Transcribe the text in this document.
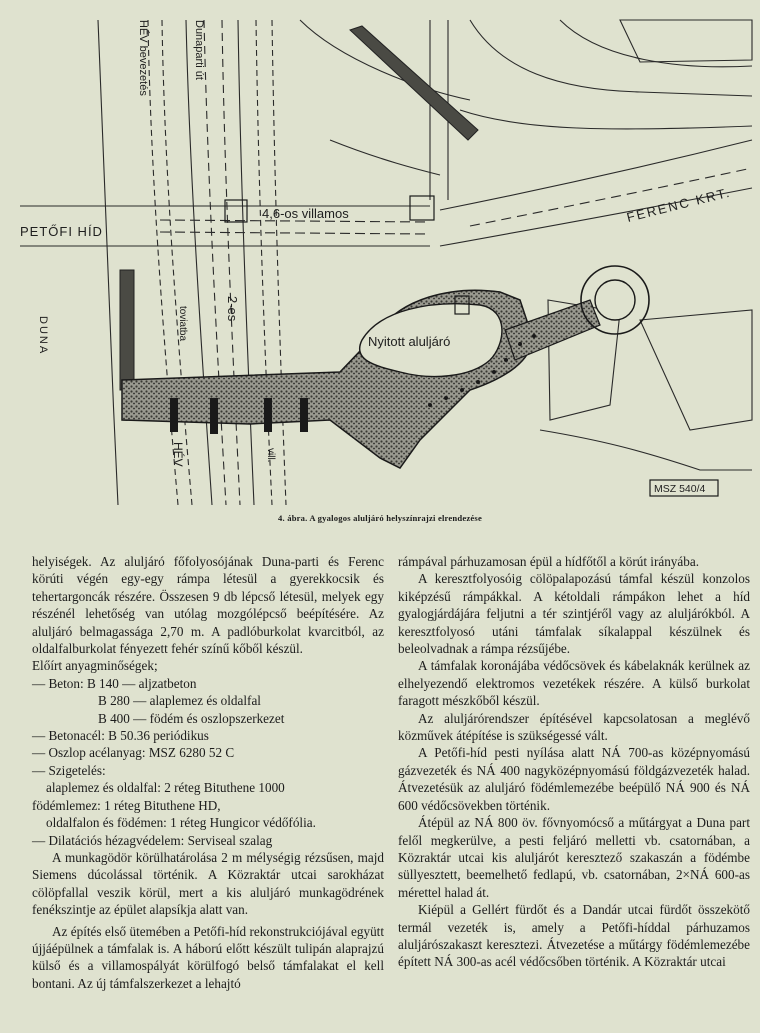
HÉV bevezetés	Dunaparti út
4,6-os villamos	FERENC KRT.
PETŐFI HÍD
DUNA	toviatba	2-es
Nyitott aluljáró
HÉV	vill.
MSZ 540/4
4. ábra. A gyalogos aluljáró helyszínrajzi elrendezése

helyiségek. Az aluljáró főfolyosójának Duna-parti és Ferenc körúti végén egy-egy rámpa létesül a gyerekkocsik és tehertargoncák részére. Összesen 9 db lépcső létesül, melyek egy részénél lehetőség van utólag mozgólépcső beépítésére. Az aluljáró belmagassága 2,70 m. A padlóburkolat kvarcitból, az oldalfalburkolat fényezett fehér színű kőből készül.

Előírt anyagminőségek;

— Beton: B 140 — aljzatbeton

B 280 — alaplemez és oldalfal

B 400 — födém és oszlopszerkezet

— Betonacél: B 50.36 periódikus

— Oszlop acélanyag: MSZ 6280 52 C

— Szigetelés:

alaplemez és oldalfal: 2 réteg Bituthene 1000

födémlemez: 1 réteg Bituthene HD,

oldalfalon és födémen: 1 réteg Hungicor védőfólia.

— Dilatációs hézagvédelem: Serviseal szalag

A munkagödör körülhatárolása 2 m mélységig rézsűsen, majd Siemens dúcolással történik. A Közraktár utcai sarokházat cölöpfallal veszik körül, mert a kis aluljáró munkagödrének fenékszintje az épület alapsíkja alatt van.

Az építés első ütemében a Petőfi-híd rekonstrukciójával együtt újjáépülnek a támfalak is. A háború előtt készült tulipán alaprajzú külső és a villamospályát körülfogó belső támfalakat el kell bontani. Az új támfalszerkezet a lehajtó

rámpával párhuzamosan épül a hídfőtől a körút irányába.

A keresztfolyosóig cölöpalapozású támfal készül konzolos kiképzésű rámpákkal. A kétoldali rámpákon lehet a híd gyalogjárdájára feljutni a tér szintjéről vagy az aluljárókból. A keresztfolyosó utáni támfalak síkalappal készülnek és beleolvadnak a rámpa rézsűjébe.

A támfalak koronájába védőcsövek és kábelaknák kerülnek az elhelyezendő elektromos vezetékek részére. A külső burkolat faragott mészkőből készül.

Az aluljárórendszer építésével kapcsolatosan a meglévő közművek átépítése is szükségessé vált.

A Petőfi-híd pesti nyílása alatt NÁ 700-as középnyomású gázvezeték és NÁ 400 nagyközépnyomású földgázvezeték halad. Átvezetésük az aluljáró födémlemezébe beépülő NÁ 900 és NÁ 600 védőcsövekben történik.

Átépül az NÁ 800 öv. fővnyomócső a műtárgyat a Duna part felől megkerülve, a pesti feljáró melletti vb. csatornában, a Közraktár utcai kis aluljárót keresztező szakaszán a födémbe süllyesztett, beemelhető fedlapú, vb. csatornában, 2×NÁ 600-as mérettel halad át.

Kiépül a Gellért fürdőt és a Dandár utcai fürdőt összekötő termál vezeték is, amely a Petőfi-híddal párhuzamos aluljárószakaszt keresztezi. Átvezetése a műtárgy födémlemezébe épített NÁ 300-as acél védőcsőben történik. A Közraktár utcai
